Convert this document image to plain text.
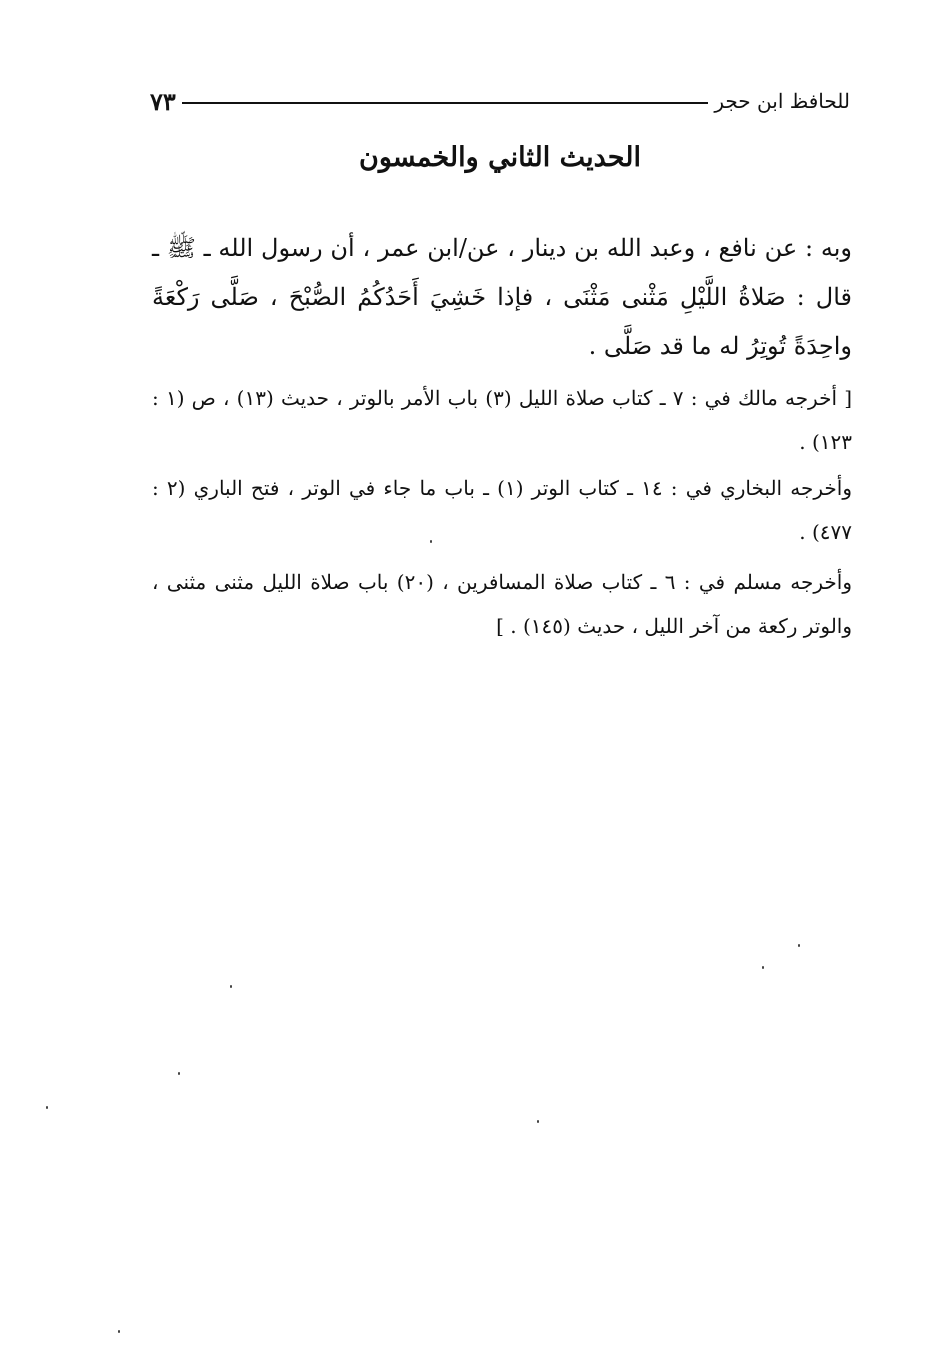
للحافظ ابن حجر
٧٣
الحديث الثاني والخمسون

وبه : عن نافع ، وعبد الله بن دينار ، عن/ابن عمر ، أن رسول الله ـ ﷺ ـ قال : صَلاةُ اللَّيْلِ مَثْنى مَثْنَى ، فإذا خَشِيَ أَحَدُكُمُ الصُّبْحَ ، صَلَّى رَكْعَةً واحِدَةً تُوتِرُ له ما قد صَلَّى .

[ أخرجه مالك في : ٧ ـ كتاب صلاة الليل (٣) باب الأمر بالوتر ، حديث (١٣) ، ص (١ : ١٢٣) .

وأخرجه البخاري في : ١٤ ـ كتاب الوتر (١) ـ باب ما جاء في الوتر ، فتح الباري (٢ : ٤٧٧) .

وأخرجه مسلم في : ٦ ـ كتاب صلاة المسافرين ، (٢٠) باب صلاة الليل مثنى مثنى ، والوتر ركعة من آخر الليل ، حديث (١٤٥) . ]
